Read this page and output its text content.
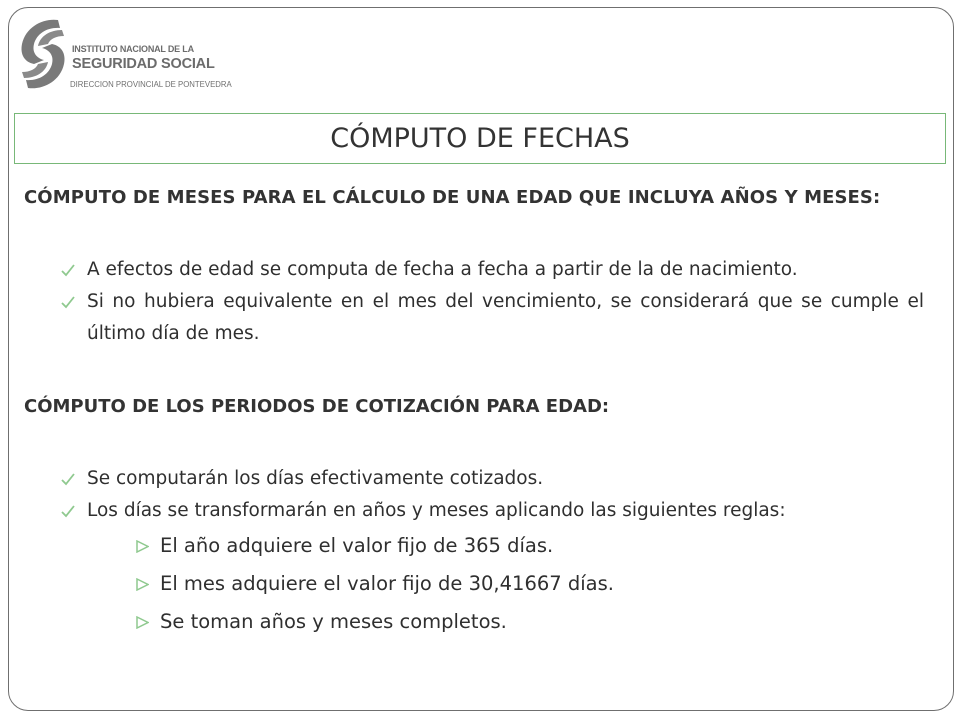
INSTITUTO NACIONAL DE LA
SEGURIDAD SOCIAL
DIRECCION PROVINCIAL DE PONTEVEDRA
CÓMPUTO DE FECHAS
CÓMPUTO DE MESES PARA EL CÁLCULO DE UNA EDAD QUE INCLUYA AÑOS Y MESES:
A efectos de edad se computa de fecha a fecha a partir de la de nacimiento.
Si no hubiera equivalente en el mes del vencimiento, se considerará que se cumple el último día de mes.
CÓMPUTO DE LOS PERIODOS DE COTIZACIÓN PARA EDAD:
Se computarán los días efectivamente cotizados.
Los días se transformarán en años y meses aplicando las siguientes reglas:
El año adquiere el valor fijo de 365 días.
El mes adquiere el valor fijo de 30,41667 días.
Se toman años y meses completos.
